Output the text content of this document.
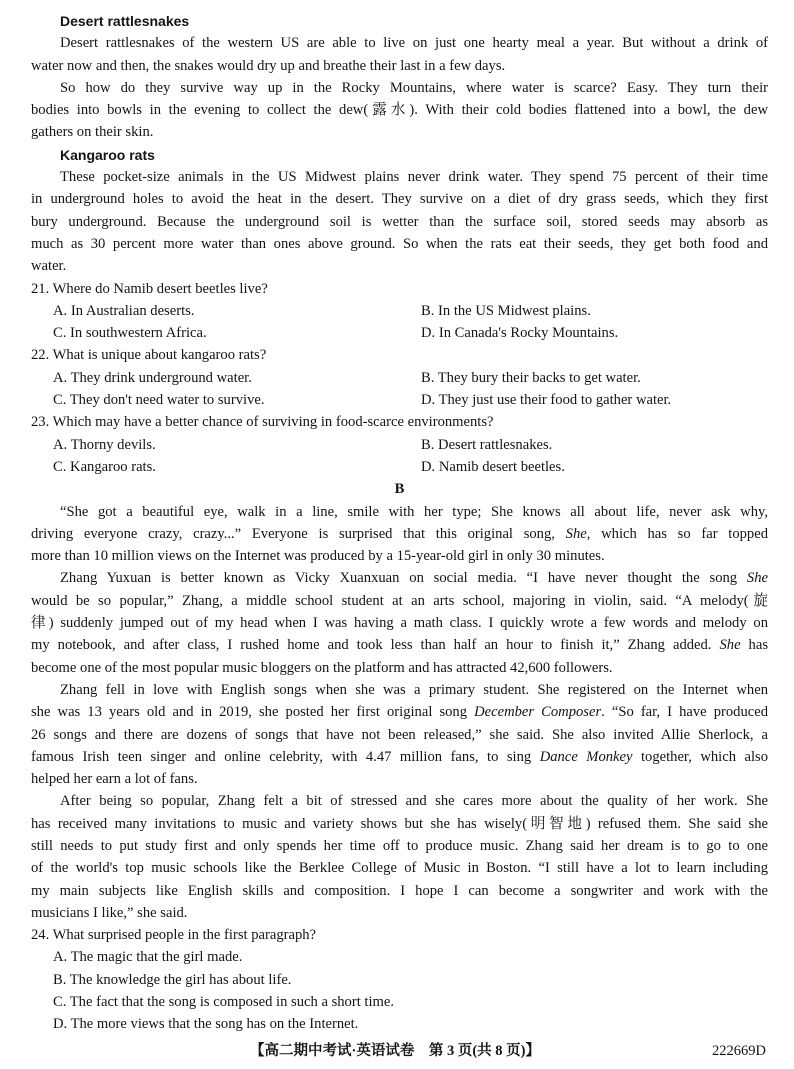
Desert rattlesnakes
Desert rattlesnakes of the western US are able to live on just one hearty meal a year. But without a drink of
water now and then, the snakes would dry up and breathe their last in a few days.
So how do they survive way up in the Rocky Mountains, where water is scarce? Easy. They turn their
bodies into bowls in the evening to collect the dew(露水). With their cold bodies flattened into a bowl, the dew
gathers on their skin.
Kangaroo rats
These pocket-size animals in the US Midwest plains never drink water. They spend 75 percent of their time
in underground holes to avoid the heat in the desert. They survive on a diet of dry grass seeds, which they first
bury underground. Because the underground soil is wetter than the surface soil, stored seeds may absorb as
much as 30 percent more water than ones above ground. So when the rats eat their seeds, they get both food and
water.
21. Where do Namib desert beetles live?
A. In Australian deserts.	B. In the US Midwest plains.
C. In southwestern Africa.	D. In Canada's Rocky Mountains.
22. What is unique about kangaroo rats?
A. They drink underground water.	B. They bury their backs to get water.
C. They don't need water to survive.	D. They just use their food to gather water.
23. Which may have a better chance of surviving in food-scarce environments?
A. Thorny devils.	B. Desert rattlesnakes.
C. Kangaroo rats.	D. Namib desert beetles.
B
“She got a beautiful eye, walk in a line, smile with her type; She knows all about life, never ask why,
driving everyone crazy, crazy...” Everyone is surprised that this original song, She, which has so far topped
more than 10 million views on the Internet was produced by a 15-year-old girl in only 30 minutes.
Zhang Yuxuan is better known as Vicky Xuanxuan on social media. “I have never thought the song She
would be so popular,” Zhang, a middle school student at an arts school, majoring in violin, said. “A melody(旋
律) suddenly jumped out of my head when I was having a math class. I quickly wrote a few words and melody on
my notebook, and after class, I rushed home and took less than half an hour to finish it,” Zhang added. She has
become one of the most popular music bloggers on the platform and has attracted 42,600 followers.
Zhang fell in love with English songs when she was a primary student. She registered on the Internet when
she was 13 years old and in 2019, she posted her first original song December Composer. “So far, I have produced
26 songs and there are dozens of songs that have not been released,” she said. She also invited Allie Sherlock, a
famous Irish teen singer and online celebrity, with 4.47 million fans, to sing Dance Monkey together, which also
helped her earn a lot of fans.
After being so popular, Zhang felt a bit of stressed and she cares more about the quality of her work. She
has received many invitations to music and variety shows but she has wisely(明智地) refused them. She said she
still needs to put study first and only spends her time off to produce music. Zhang said her dream is to go to one
of the world's top music schools like the Berklee College of Music in Boston. “I still have a lot to learn including
my main subjects like English skills and composition. I hope I can become a songwriter and work with the
musicians I like,” she said.
24. What surprised people in the first paragraph?
A. The magic that the girl made.
B. The knowledge the girl has about life.
C. The fact that the song is composed in such a short time.
D. The more views that the song has on the Internet.
【高二期中考试·英语试卷　第 3 页(共 8 页)】	222669D
